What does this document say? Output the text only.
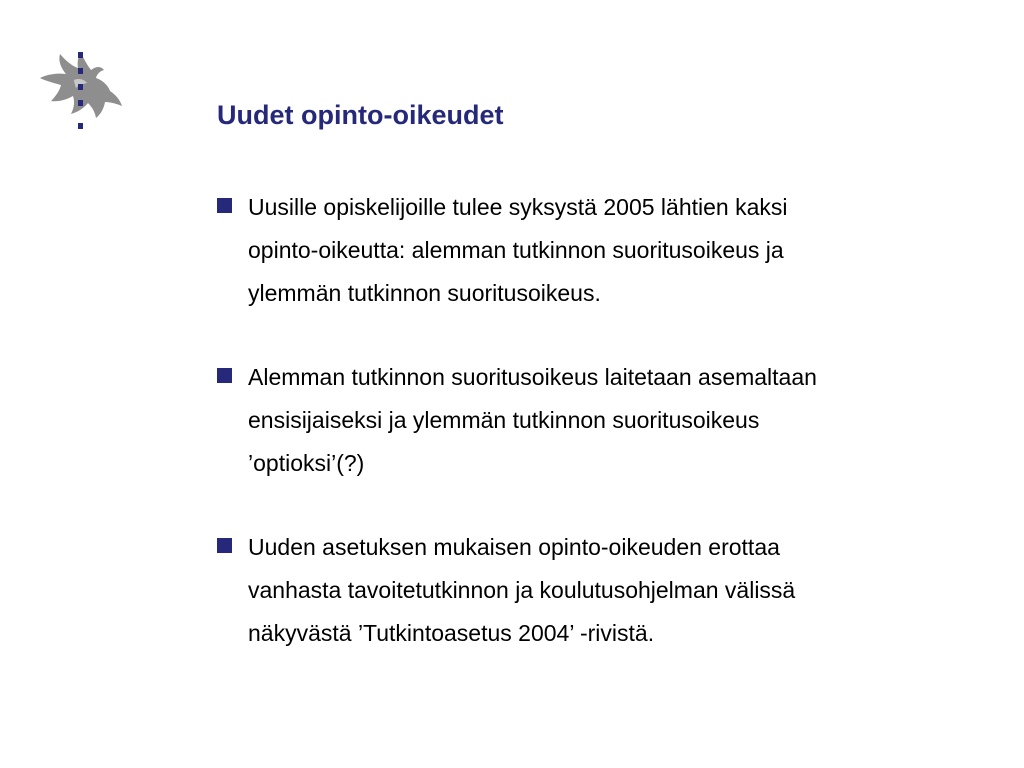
Uudet opinto-oikeudet
Uusille opiskelijoille tulee syksystä 2005 lähtien kaksi
opinto-oikeutta: alemman tutkinnon suoritusoikeus ja
ylemmän tutkinnon suoritusoikeus.
Alemman tutkinnon suoritusoikeus laitetaan asemaltaan
ensisijaiseksi ja ylemmän tutkinnon suoritusoikeus
’optioksi’(?)
Uuden asetuksen mukaisen opinto-oikeuden erottaa
vanhasta tavoitetutkinnon ja koulutusohjelman välissä
näkyvästä ’Tutkintoasetus 2004’ -rivistä.
